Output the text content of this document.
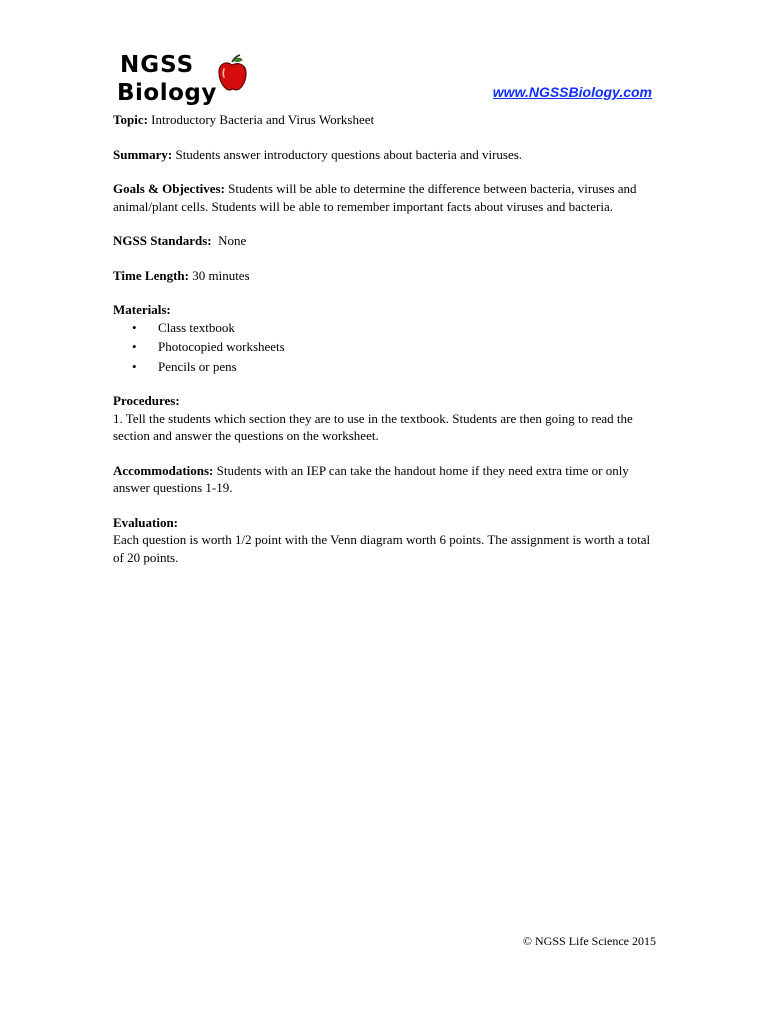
NGSS
Biology	www.NGSSBiology.com

Topic: Introductory Bacteria and Virus Worksheet

Summary: Students answer introductory questions about bacteria and viruses.

Goals & Objectives: Students will be able to determine the difference between bacteria, viruses and animal/plant cells. Students will be able to remember important facts about viruses and bacteria.

NGSS Standards: None

Time Length: 30 minutes

Materials:
• Class textbook
• Photocopied worksheets
• Pencils or pens
Procedures:
1. Tell the students which section they are to use in the textbook. Students are then going to read the section and answer the questions on the worksheet.

Accommodations: Students with an IEP can take the handout home if they need extra time or only answer questions 1-19.

Evaluation:
Each question is worth 1/2 point with the Venn diagram worth 6 points. The assignment is worth a total of 20 points.
© NGSS Life Science 2015
